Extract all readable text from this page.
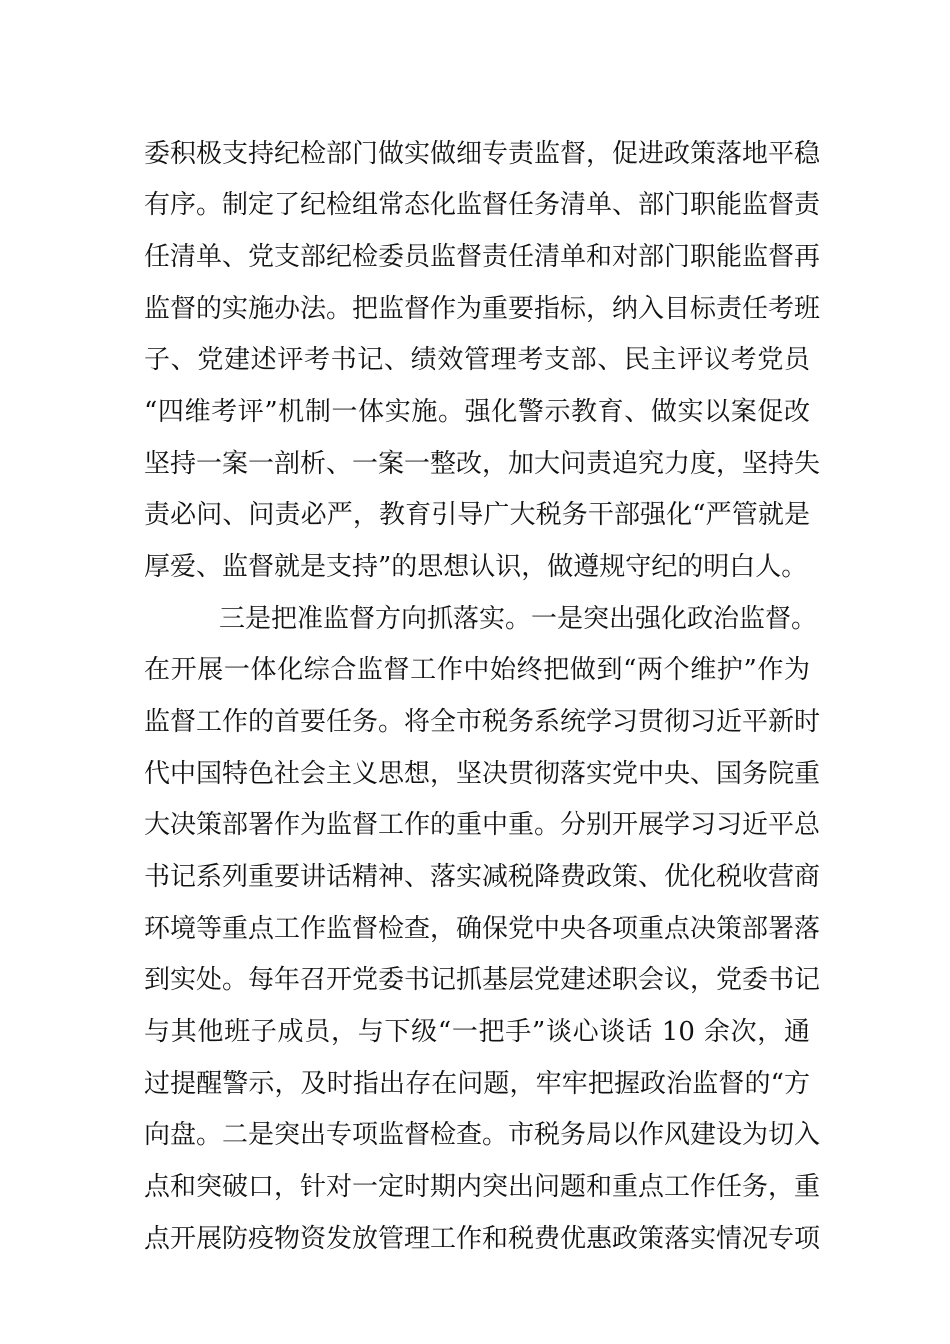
委积极支持纪检部门做实做细专责监督，促进政策落地平稳
有序。制定了纪检组常态化监督任务清单、部门职能监督责
任清单、党支部纪检委员监督责任清单和对部门职能监督再
监督的实施办法。把监督作为重要指标，纳入目标责任考班
子、党建述评考书记、绩效管理考支部、民主评议考党员
“四维考评”机制一体实施。强化警示教育、做实以案促改
坚持一案一剖析、一案一整改，加大问责追究力度，坚持失
责必问、问责必严，教育引导广大税务干部强化“严管就是
厚爱、监督就是支持”的思想认识，做遵规守纪的明白人。
三是把准监督方向抓落实。一是突出强化政治监督。
在开展一体化综合监督工作中始终把做到“两个维护”作为
监督工作的首要任务。将全市税务系统学习贯彻习近平新时
代中国特色社会主义思想，坚决贯彻落实党中央、国务院重
大决策部署作为监督工作的重中重。分别开展学习习近平总
书记系列重要讲话精神、落实减税降费政策、优化税收营商
环境等重点工作监督检查，确保党中央各项重点决策部署落
到实处。每年召开党委书记抓基层党建述职会议，党委书记
与其他班子成员，与下级“一把手”谈心谈话 10 余次，通
过提醒警示，及时指出存在问题，牢牢把握政治监督的“方
向盘。二是突出专项监督检查。市税务局以作风建设为切入
点和突破口，针对一定时期内突出问题和重点工作任务，重
点开展防疫物资发放管理工作和税费优惠政策落实情况专项
